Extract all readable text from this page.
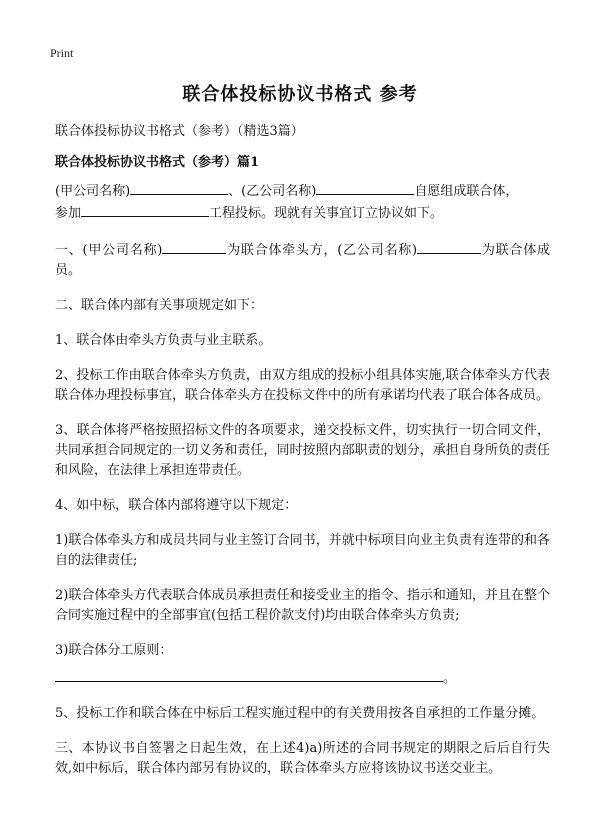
Print
联合体投标协议书格式 参考
联合体投标协议书格式（参考）（精选3篇）
联合体投标协议书格式（参考）篇1

(甲公司名称)	、(乙公司名称)	自愿组成联合体，
参加	工程投标。现就有关事宜订立协议如下。

一、(甲公司名称)	为联合体牵头方，(乙公司名称)	为联合体成员。

二、联合体内部有关事项规定如下：

1、联合体由牵头方负责与业主联系。

2、投标工作由联合体牵头方负责，由双方组成的投标小组具体实施,联合体牵头方代表联合体办理投标事宜，联合体牵头方在投标文件中的所有承诺均代表了联合体各成员。

3、联合体将严格按照招标文件的各项要求，递交投标文件，切实执行一切合同文件，共同承担合同规定的一切义务和责任，同时按照内部职责的划分，承担自身所负的责任和风险，在法律上承担连带责任。

4、如中标，联合体内部将遵守以下规定：

1)联合体牵头方和成员共同与业主签订合同书，并就中标项目向业主负责有连带的和各自的法律责任;

2)联合体牵头方代表联合体成员承担责任和接受业主的指令、指示和通知，并且在整个合同实施过程中的全部事宜(包括工程价款支付)均由联合体牵头方负责;

3)联合体分工原则：

。

5、投标工作和联合体在中标后工程实施过程中的有关费用按各自承担的工作量分摊。

三、本协议书自签署之日起生效，在上述4)a)所述的合同书规定的期限之后后自行失效,如中标后，联合体内部另有协议的，联合体牵头方应将该协议书送交业主。
